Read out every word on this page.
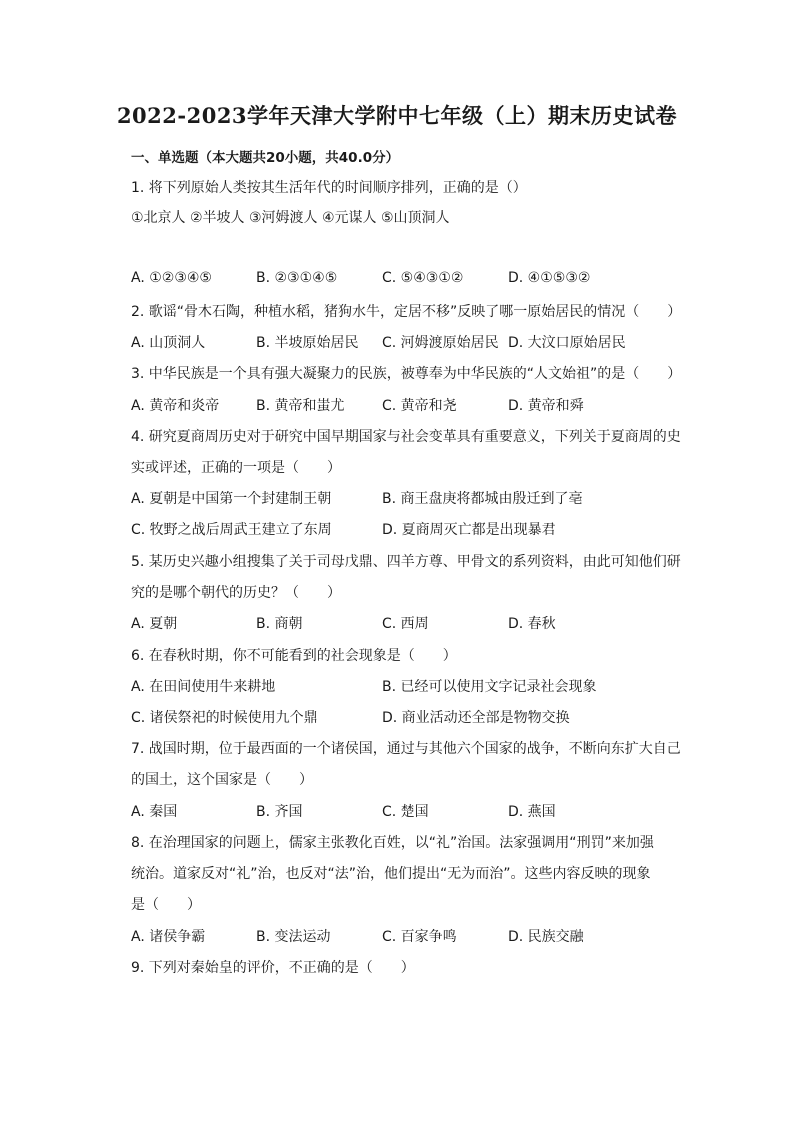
2022-2023学年天津大学附中七年级（上）期末历史试卷
一、单选题（本大题共20小题，共40.0分）
1. 将下列原始人类按其生活年代的时间顺序排列，正确的是（）
①北京人 ②半坡人 ③河姆渡人 ④元谋人 ⑤山顶洞人
A. ①②③④⑤	B. ②③①④⑤	C. ⑤④③①②	D. ④①⑤③②
2. 歌谣“骨木石陶，种植水稻，猪狗水牛，定居不移”反映了哪一原始居民的情况（　　）
A. 山顶洞人	B. 半坡原始居民 C. 河姆渡原始居民 D. 大汶口原始居民
3. 中华民族是一个具有强大凝聚力的民族，被尊奉为中华民族的“人文始祖”的是（　　）
A. 黄帝和炎帝	B. 黄帝和蚩尤	C. 黄帝和尧	D. 黄帝和舜
4. 研究夏商周历史对于研究中国早期国家与社会变革具有重要意义，下列关于夏商周的史
实或评述，正确的一项是（　　）
A. 夏朝是中国第一个封建制王朝	B. 商王盘庚将都城由殷迁到了亳
C. 牧野之战后周武王建立了东周	D. 夏商周灭亡都是出现暴君
5. 某历史兴趣小组搜集了关于司母戊鼎、四羊方尊、甲骨文的系列资料，由此可知他们研
究的是哪个朝代的历史？（　　）
A. 夏朝	B. 商朝	C. 西周	D. 春秋
6. 在春秋时期，你不可能看到的社会现象是（　　）
A. 在田间使用牛来耕地	B. 已经可以使用文字记录社会现象
C. 诸侯祭祀的时候使用九个鼎	D. 商业活动还全部是物物交换
7. 战国时期，位于最西面的一个诸侯国，通过与其他六个国家的战争，不断向东扩大自己
的国土，这个国家是（　　）
A. 秦国	B. 齐国	C. 楚国	D. 燕国
8. 在治理国家的问题上，儒家主张教化百姓，以“礼”治国。法家强调用“刑罚”来加强
统治。道家反对“礼”治，也反对“法”治，他们提出“无为而治”。这些内容反映的现象
是（　　）
A. 诸侯争霸	B. 变法运动	C. 百家争鸣	D. 民族交融
9. 下列对秦始皇的评价，不正确的是（　　）
